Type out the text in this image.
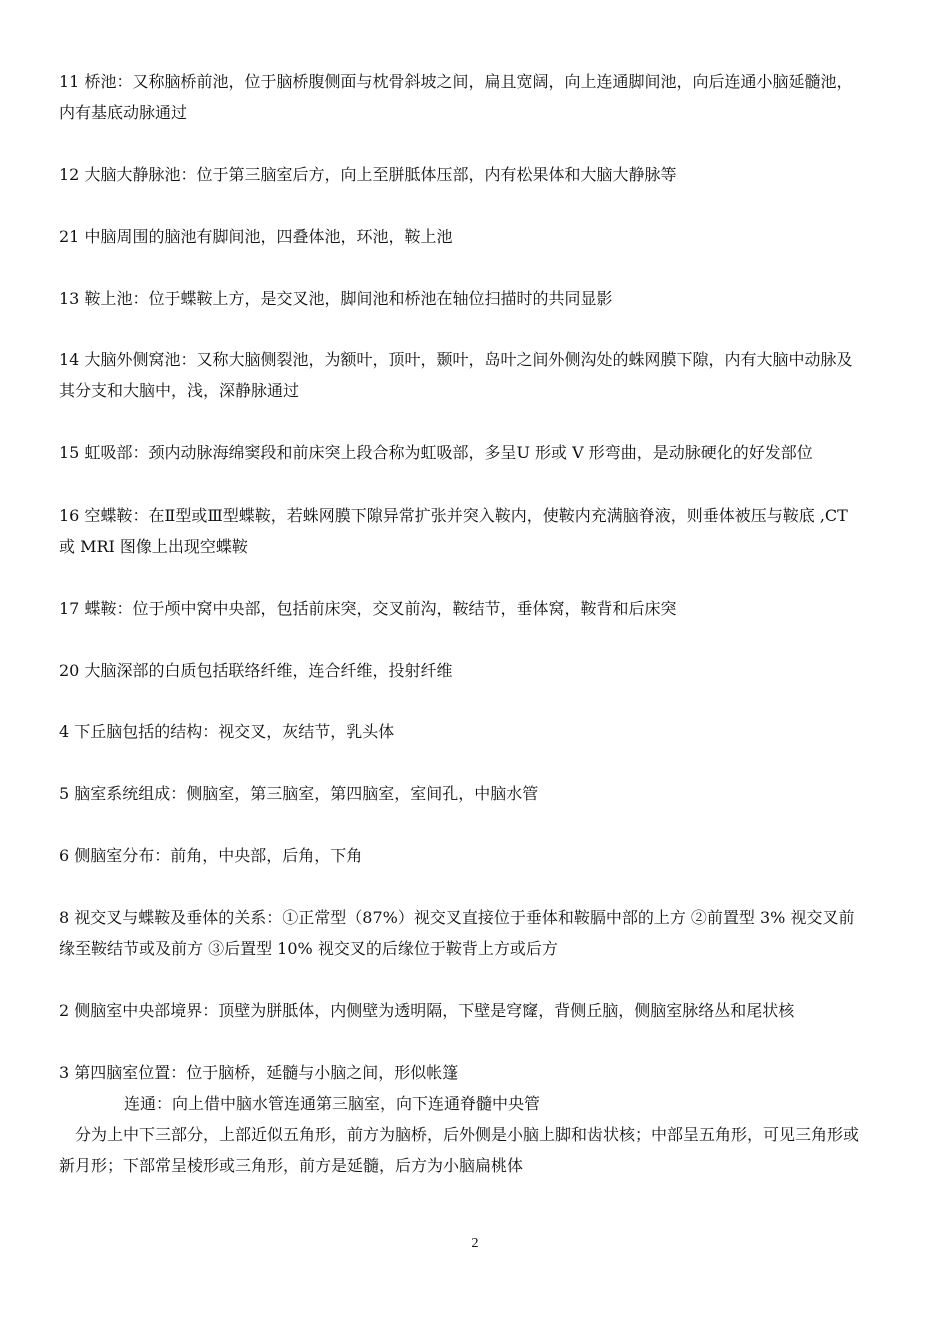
11 桥池：又称脑桥前池，位于脑桥腹侧面与枕骨斜坡之间，扁且宽阔，向上连通脚间池，向后连通小脑延髓池，
内有基底动脉通过
12 大脑大静脉池：位于第三脑室后方，向上至胼胝体压部，内有松果体和大脑大静脉等
21 中脑周围的脑池有脚间池，四叠体池，环池，鞍上池
13 鞍上池：位于蝶鞍上方，是交叉池，脚间池和桥池在轴位扫描时的共同显影
14 大脑外侧窝池：又称大脑侧裂池，为额叶，顶叶，颞叶，岛叶之间外侧沟处的蛛网膜下隙，内有大脑中动脉及
其分支和大脑中，浅，深静脉通过
15 虹吸部：颈内动脉海绵窦段和前床突上段合称为虹吸部，多呈U 形或 V 形弯曲，是动脉硬化的好发部位
16 空蝶鞍：在Ⅱ型或Ⅲ型蝶鞍，若蛛网膜下隙异常扩张并突入鞍内，使鞍内充满脑脊液，则垂体被压与鞍底 ,CT
或 MRI 图像上出现空蝶鞍
17 蝶鞍：位于颅中窝中央部，包括前床突，交叉前沟，鞍结节，垂体窝，鞍背和后床突
20 大脑深部的白质包括联络纤维，连合纤维，投射纤维
4 下丘脑包括的结构：视交叉，灰结节，乳头体
5 脑室系统组成：侧脑室，第三脑室，第四脑室，室间孔，中脑水管
6 侧脑室分布：前角，中央部，后角，下角
8 视交叉与蝶鞍及垂体的关系：①正常型（87%）视交叉直接位于垂体和鞍膈中部的上方 ②前置型 3% 视交叉前
缘至鞍结节或及前方 ③后置型 10% 视交叉的后缘位于鞍背上方或后方
2 侧脑室中央部境界：顶壁为胼胝体，内侧壁为透明隔，下壁是穹窿，背侧丘脑，侧脑室脉络丛和尾状核
3 第四脑室位置：位于脑桥，延髓与小脑之间，形似帐篷
连通：向上借中脑水管连通第三脑室，向下连通脊髓中央管
分为上中下三部分，上部近似五角形，前方为脑桥，后外侧是小脑上脚和齿状核；中部呈五角形，可见三角形或
新月形；下部常呈棱形或三角形，前方是延髓，后方为小脑扁桃体
2
